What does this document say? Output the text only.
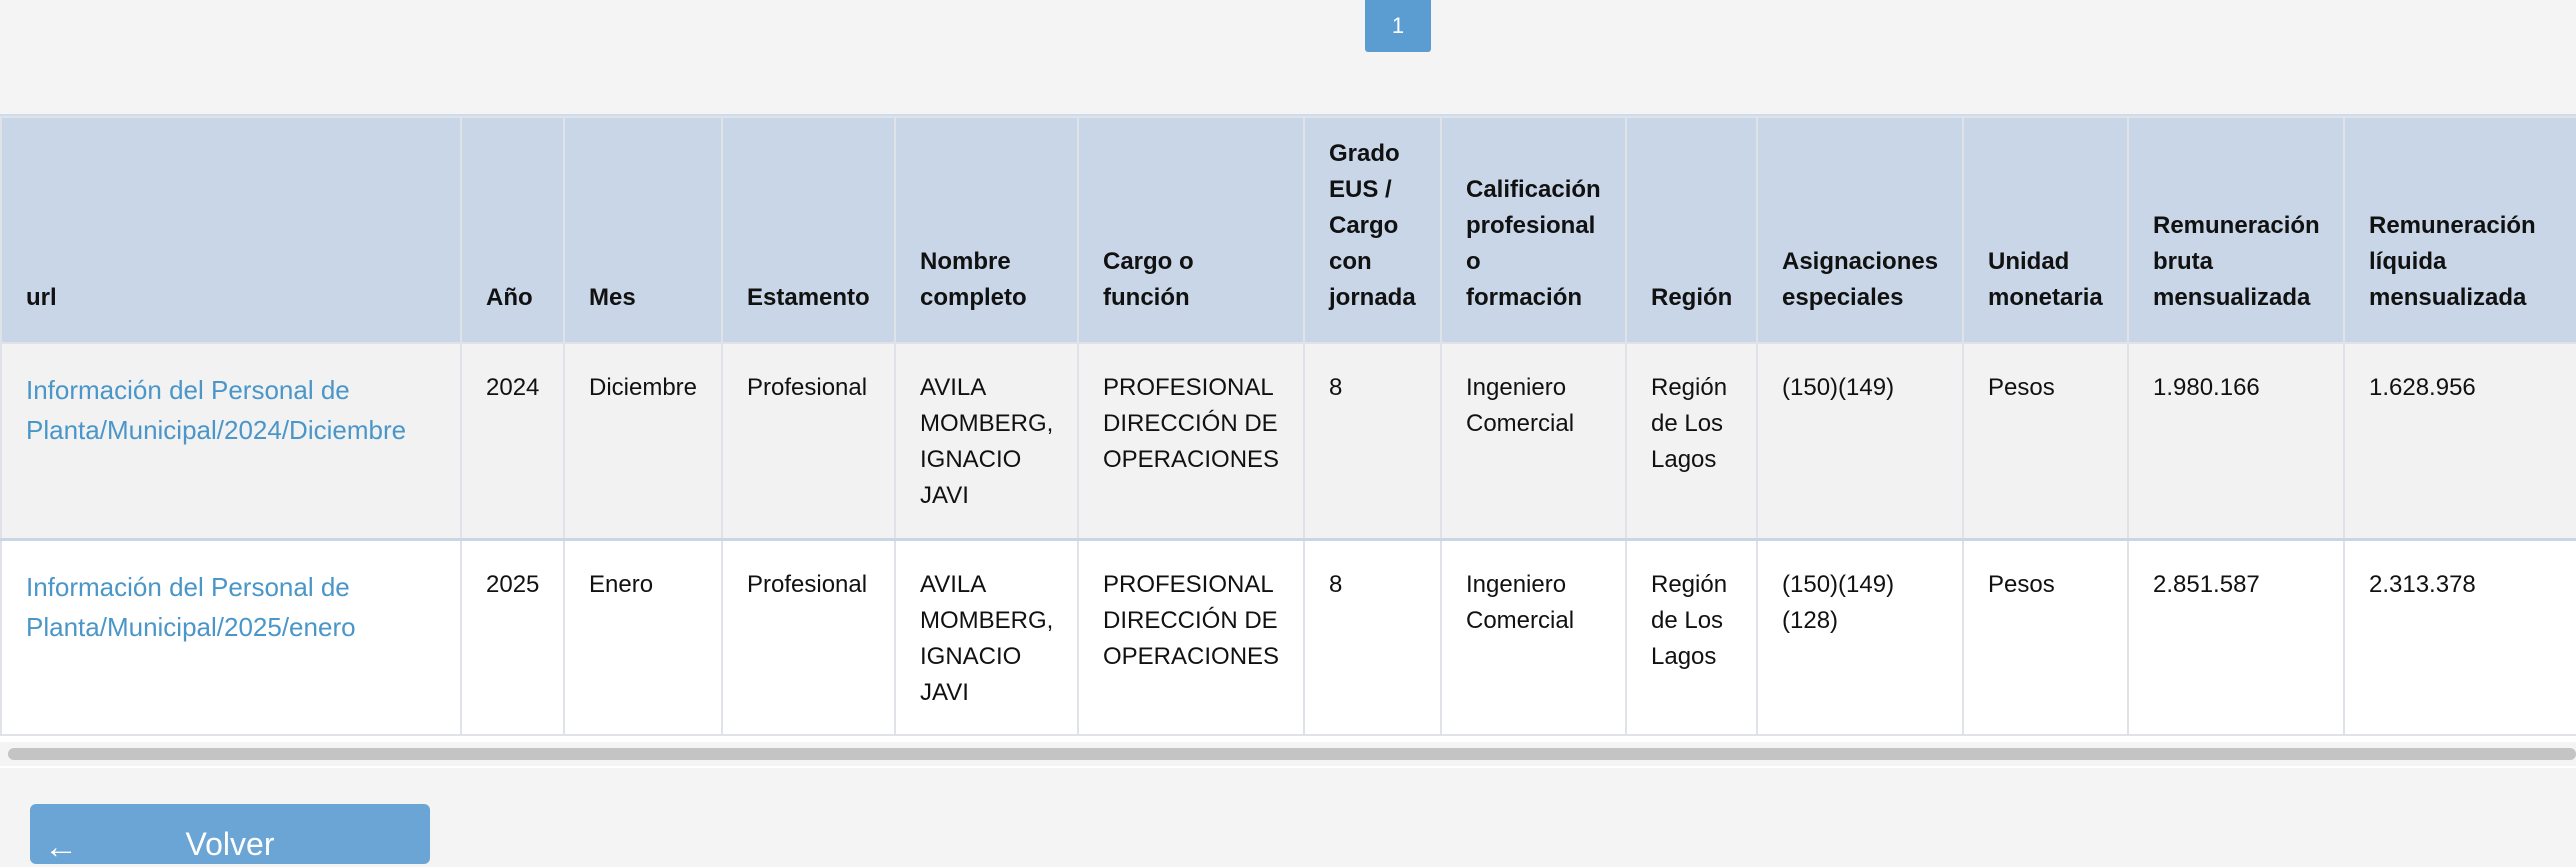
1
url	Año	Mes	Estamento	Nombre completo	Cargo o función	Grado EUS / Cargo con jornada	Calificación profesional o formación	Región	Asignaciones especiales	Unidad monetaria	Remuneración bruta mensualizada	Remuneración líquida mensualizada
Información del Personal de Planta/Municipal/2024/Diciembre	2024	Diciembre	Profesional	AVILA MOMBERG, IGNACIO JAVI	PROFESIONAL DIRECCIÓN DE OPERACIONES	8	Ingeniero Comercial	Región de Los Lagos	(150)(149)	Pesos	1.980.166	1.628.956
Información del Personal de Planta/Municipal/2025/enero	2025	Enero	Profesional	AVILA MOMBERG, IGNACIO JAVI	PROFESIONAL DIRECCIÓN DE OPERACIONES	8	Ingeniero Comercial	Región de Los Lagos	(150)(149)(128)	Pesos	2.851.587	2.313.378
←	Volver
